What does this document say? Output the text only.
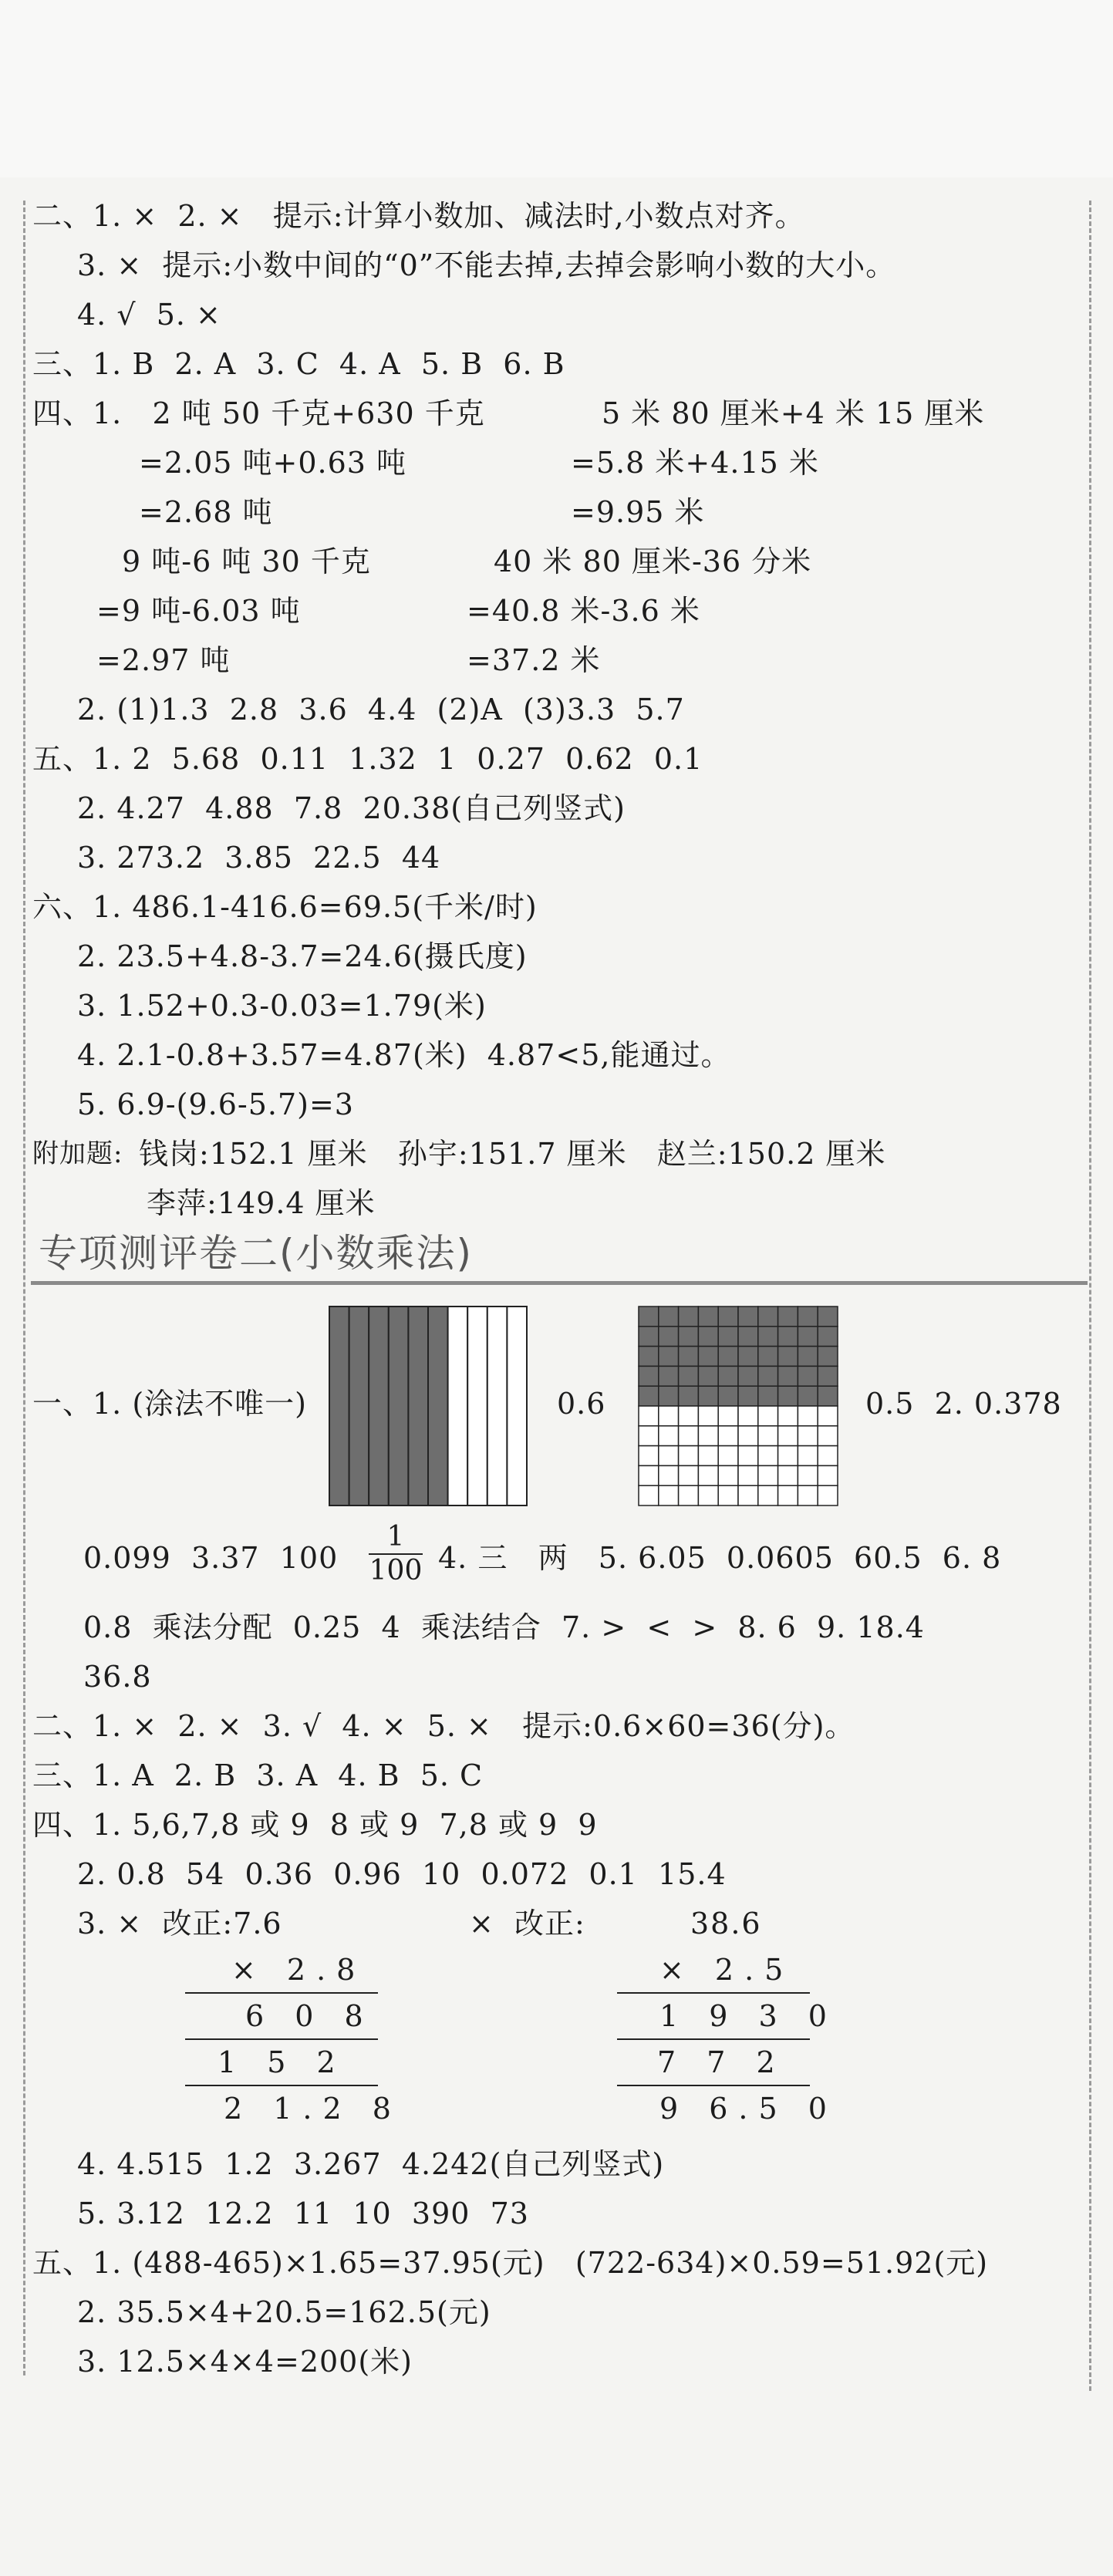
二、1. ×  2. ×   提示:计算小数加、减法时,小数点对齐。
3. ×  提示:小数中间的“0”不能去掉,去掉会影响小数的大小。
4. √  5. ×
三、1. B  2. A  3. C  4. A  5. B  6. B
四、1.   2 吨 50 千克+630 千克	5 米 80 厘米+4 米 15 厘米
=2.05 吨+0.63 吨	=5.8 米+4.15 米
=2.68 吨	=9.95 米
9 吨-6 吨 30 千克	40 米 80 厘米-36 分米
=9 吨-6.03 吨	=40.8 米-3.6 米
=2.97 吨	=37.2 米
2. (1)1.3  2.8  3.6  4.4  (2)A  (3)3.3  5.7
五、1. 2  5.68  0.11  1.32  1  0.27  0.62  0.1
2. 4.27  4.88  7.8  20.38(自己列竖式)
3. 273.2  3.85  22.5  44
六、1. 486.1-416.6=69.5(千米/时)
2. 23.5+4.8-3.7=24.6(摄氏度)
3. 1.52+0.3-0.03=1.79(米)
4. 2.1-0.8+3.57=4.87(米)  4.87<5,能通过。
5. 6.9-(9.6-5.7)=3
附加题: 钱岗:152.1 厘米   孙宇:151.7 厘米   赵兰:150.2 厘米
李萍:149.4 厘米
专项测评卷二(小数乘法)
一、1. (涂法不唯一)	0.6	0.5  2. 0.378
0.099  3.37  $100 \frac{1}{100} 4$. 三   两   5. 6.05  0.0605  60.5  6. 8
0.8  乘法分配  0.25  4  乘法结合  7. >  <  >  8. 6  9. 18.4
36.8
二、1. ×  2. ×  3. √  4. ×  5. ×   提示:0.6×60=36(分)。
三、1. A  2. B  3. A  4. B  5. C
四、1. 5,6,7,8 或 9  8 或 9  7,8 或 9  9
2. 0.8  54  0.36  0.96  10  0.072  0.1  15.4
3. ×  改正:7.6	×  改正:
× 2.8
6 0 8
1 5 2
2 1.2 8
38.6
× 2.5
1 9 3 0
7 7 2
9 6.5 0
4. 4.515  1.2  3.267  4.242(自己列竖式)
5. 3.12  12.2  11  10  390  73
五、1. (488-465)×1.65=37.95(元)   (722-634)×0.59=51.92(元)
2. 35.5×4+20.5=162.5(元)
3. 12.5×4×4=200(米)
